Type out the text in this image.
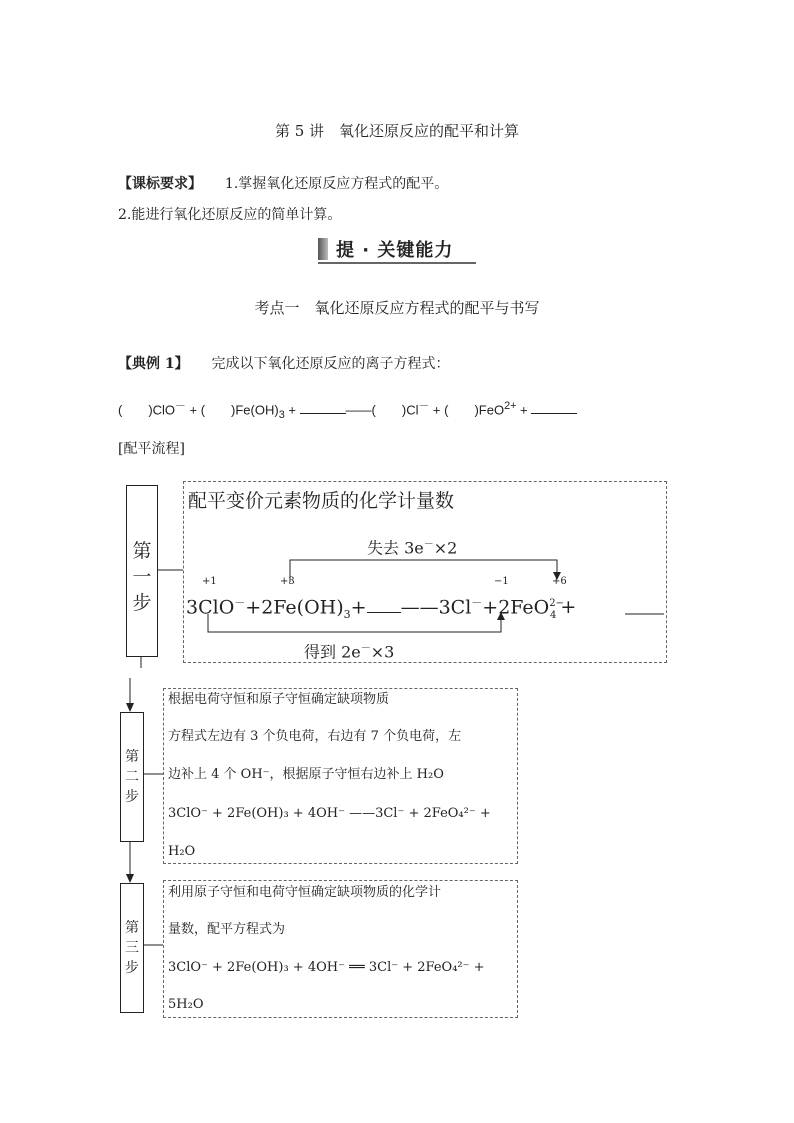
第 5 讲　氧化还原反应的配平和计算
【课标要求】 　 1.掌握氧化还原反应方程式的配平。
2.能进行氧化还原反应的简单计算。
提 · 关键能力
考点一　氧化还原反应方程式的配平与书写
【典例 1】 　 完成以下氧化还原反应的离子方程式：
(　　)ClO－ + (　　)$Fe(OH)_3$ +	——(　　)Cl－ + (　　)FeO$^{2+}$ +
[配平流程]
第
一
步
配平变价元素物质的化学计量数
失去 3e－×2
+1	+3	−1	+6
$3ClO^-+2Fe(OH)_3+$ ——3Cl－+2FeO$^{2-}_4$ +
得到 2e－×3
第
二
步
根据电荷守恒和原子守恒确定缺项物质
方程式左边有 3 个负电荷，右边有 7 个负电荷，左
边补上 4 个 OH⁻，根据原子守恒右边补上 H₂O
3ClO⁻ + 2Fe(OH)₃ + 4OH⁻ ——3Cl⁻ + 2FeO₄²⁻ +
H₂O
第
三
步
利用原子守恒和电荷守恒确定缺项物质的化学计
量数，配平方程式为
3ClO⁻ + 2Fe(OH)₃ + 4OH⁻ ══ 3Cl⁻ + 2FeO₄²⁻ +
5H₂O
